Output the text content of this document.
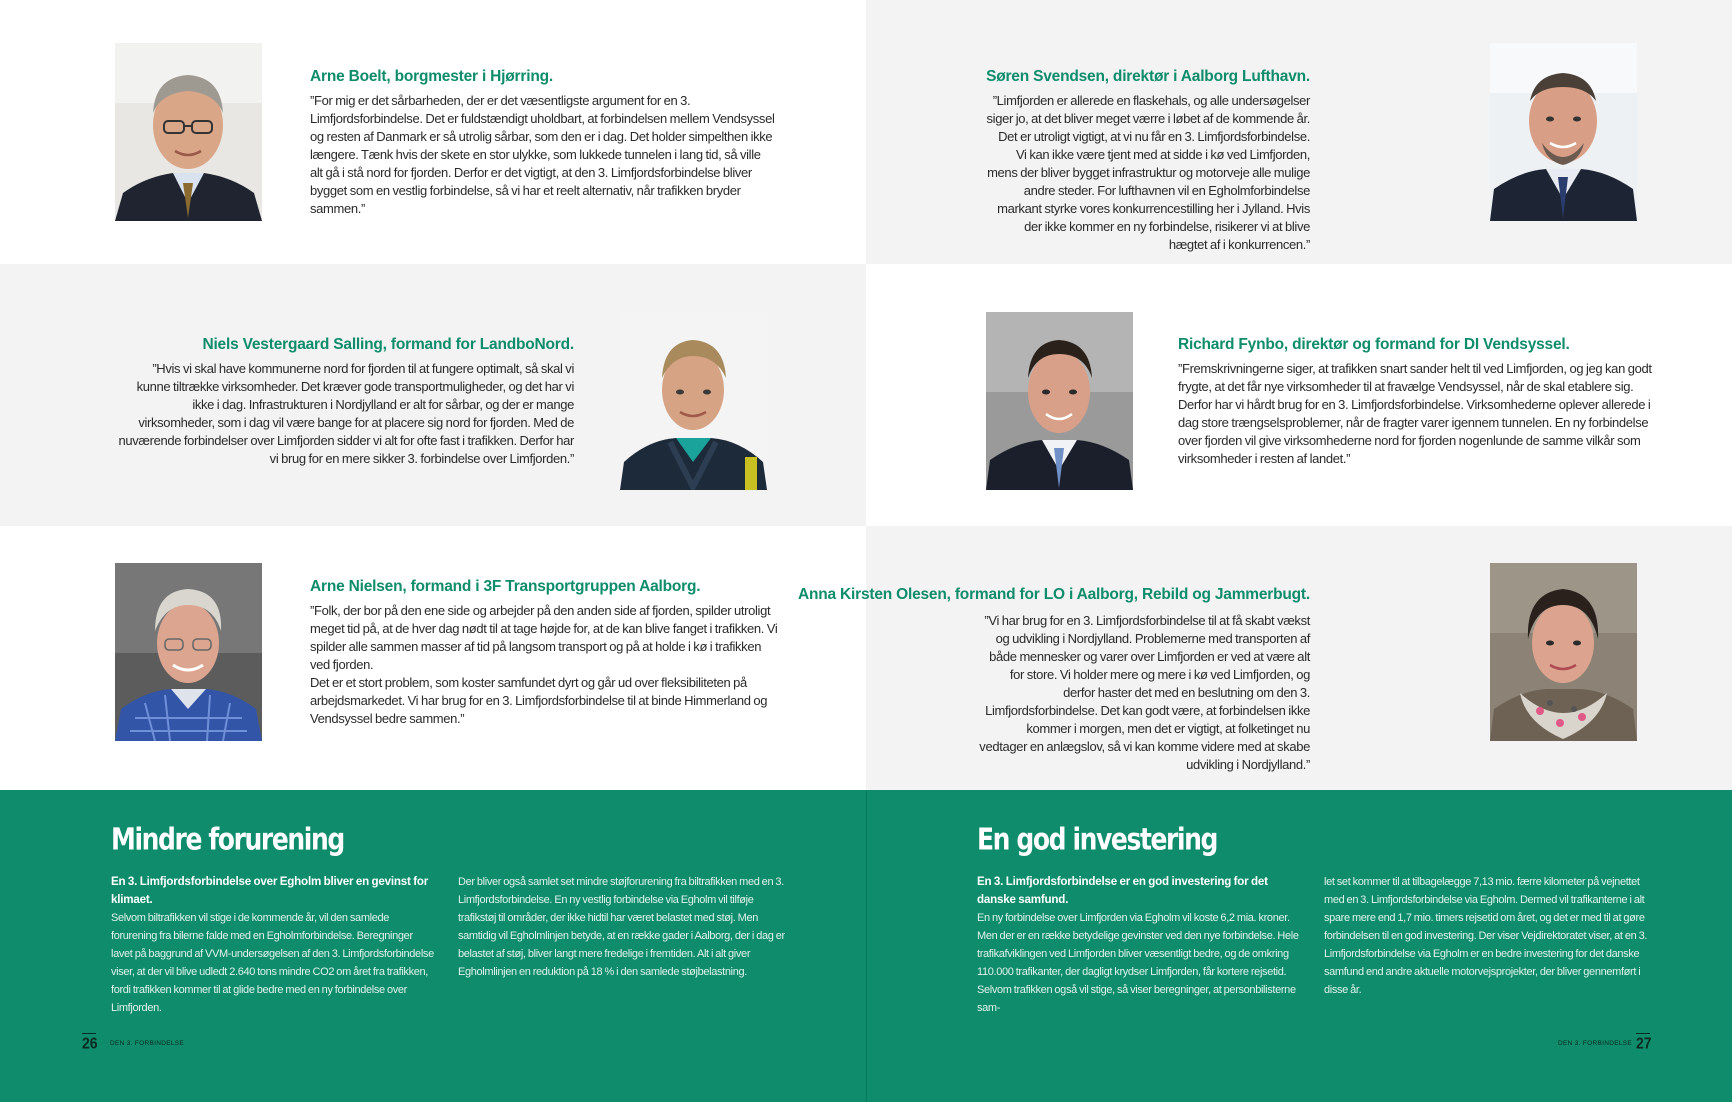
Arne Boelt, borgmester i Hjørring.
”For mig er det sårbarheden, der er det væsentligste argument for en 3. Limfjordsforbindelse. Det er fuldstændigt uholdbart, at forbindelsen mellem Vendsyssel og resten af Danmark er så utrolig sårbar, som den er i dag. Det holder simpelthen ikke længere. Tænk hvis der skete en stor ulykke, som lukkede tunnelen i lang tid, så ville alt gå i stå nord for fjorden. Derfor er det vigtigt, at den 3. Limfjordsforbindelse bliver bygget som en vestlig forbindelse, så vi har et reelt alternativ, når trafikken bryder sammen.”
Niels Vestergaard Salling, formand for LandboNord.
”Hvis vi skal have kommunerne nord for fjorden til at fungere optimalt, så skal vi kunne tiltrække virksomheder. Det kræver gode transportmuligheder, og det har vi ikke i dag. Infrastrukturen i Nordjylland er alt for sårbar, og der er mange virksomheder, som i dag vil være bange for at placere sig nord for fjorden. Med de nuværende forbindelser over Limfjorden sidder vi alt for ofte fast i trafikken. Derfor har vi brug for en mere sikker 3. forbindelse over Limfjorden.”
Arne Nielsen, formand i 3F Transportgruppen Aalborg.
”Folk, der bor på den ene side og arbejder på den anden side af fjorden, spilder utroligt meget tid på, at de hver dag nødt til at tage højde for, at de kan blive fanget i trafikken. Vi spilder alle sammen masser af tid på langsom transport og på at holde i kø i trafikken ved fjorden.
Det er et stort problem, som koster samfundet dyrt og går ud over fleksibiliteten på arbejdsmarkedet. Vi har brug for en 3. Limfjordsforbindelse til at binde Himmerland og Vendsyssel bedre sammen.”
Mindre forurening
En 3. Limfjordsforbindelse over Egholm bliver en gevinst for klimaet.
Selvom biltrafikken vil stige i de kommende år, vil den samlede forurening fra bilerne falde med en Egholmforbindelse. Beregninger lavet på baggrund af VVM-undersøgelsen af den 3. Limfjordsforbindelse viser, at der vil blive udledt 2.640 tons mindre CO2 om året fra trafikken, fordi trafikken kommer til at glide bedre med en ny forbindelse over Limfjorden.
Der bliver også samlet set mindre støjforurening fra biltrafikken med en 3. Limfjordsforbindelse. En ny vestlig forbindelse via Egholm vil tilføje trafikstøj til områder, der ikke hidtil har været belastet med støj. Men samtidig vil Egholmlinjen betyde, at en række gader i Aalborg, der i dag er belastet af støj, bliver langt mere fredelige i fremtiden. Alt i alt giver Egholmlinjen en reduktion på 18 % i den samlede støjbelastning.
26 DEN 3. FORBINDELSE
Søren Svendsen, direktør i Aalborg Lufthavn.
”Limfjorden er allerede en flaskehals, og alle undersøgelser siger jo, at det bliver meget værre i løbet af de kommende år. Det er utroligt vigtigt, at vi nu får en 3. Limfjordsforbindelse. Vi kan ikke være tjent med at sidde i kø ved Limfjorden, mens der bliver bygget infrastruktur og motorveje alle mulige andre steder. For lufthavnen vil en Egholmforbindelse markant styrke vores konkurrencestilling her i Jylland. Hvis der ikke kommer en ny forbindelse, risikerer vi at blive hægtet af i konkurrencen.”
Richard Fynbo, direktør og formand for DI Vendsyssel.
”Fremskrivningerne siger, at trafikken snart sander helt til ved Limfjorden, og jeg kan godt frygte, at det får nye virksomheder til at fravælge Vendsyssel, når de skal etablere sig. Derfor har vi hårdt brug for en 3. Limfjordsforbindelse. Virksomhederne oplever allerede i dag store trængselsproblemer, når de fragter varer igennem tunnelen. En ny forbindelse over fjorden vil give virksomhederne nord for fjorden nogenlunde de samme vilkår som virksomheder i resten af landet.”
Anna Kirsten Olesen, formand for LO i Aalborg, Rebild og Jammerbugt.
”Vi har brug for en 3. Limfjordsforbindelse til at få skabt vækst og udvikling i Nordjylland. Problemerne med transporten af både mennesker og varer over Limfjorden er ved at være alt for store. Vi holder mere og mere i kø ved Limfjorden, og derfor haster det med en beslutning om den 3. Limfjordsforbindelse. Det kan godt være, at forbindelsen ikke kommer i morgen, men det er vigtigt, at folketinget nu vedtager en anlægslov, så vi kan komme videre med at skabe udvikling i Nordjylland.”
En god investering
En 3. Limfjordsforbindelse er en god investering for det danske samfund.
En ny forbindelse over Limfjorden via Egholm vil koste 6,2 mia. kroner. Men der er en række betydelige gevinster ved den nye forbindelse. Hele trafikafviklingen ved Limfjorden bliver væsentligt bedre, og de omkring 110.000 trafikanter, der dagligt krydser Limfjorden, får kortere rejsetid. Selvom trafikken også vil stige, så viser beregninger, at personbilisterne sam-
let set kommer til at tilbagelægge 7,13 mio. færre kilometer på vejnettet med en 3. Limfjordsforbindelse via Egholm. Dermed vil trafikanterne i alt spare mere end 1,7 mio. timers rejsetid om året, og det er med til at gøre forbindelsen til en god investering. Der viser Vejdirektoratet viser, at en 3. Limfjordsforbindelse via Egholm er en bedre investering for det danske samfund end andre aktuelle motorvejsprojekter, der bliver gennemført i disse år.
DEN 3. FORBINDELSE 27
